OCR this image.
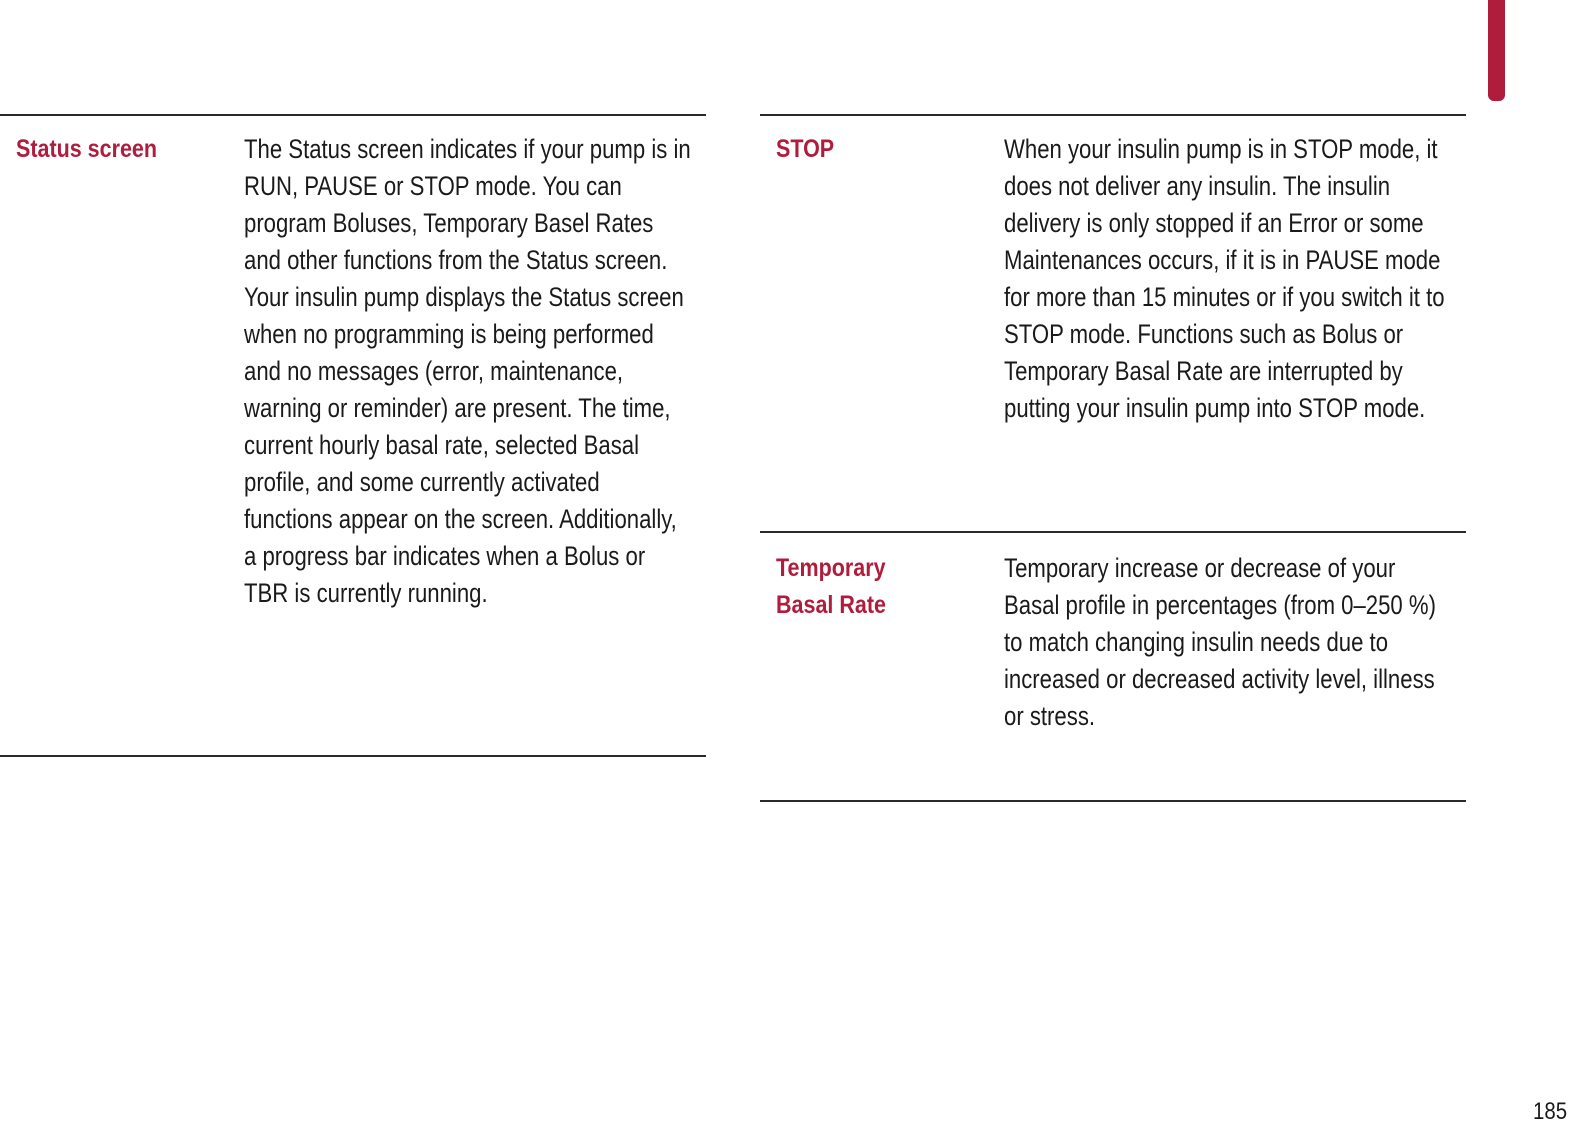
Status screen	The Status screen indicates if your pump is in RUN, PAUSE or STOP mode. You can program Boluses, Temporary Basel Rates and other functions from the Status screen. Your insulin pump displays the Status screen when no programming is being performed and no messages (error, maintenance, warning or reminder) are present. The time, current hourly basal rate, selected Basal profile, and some currently activated functions appear on the screen. Additionally, a progress bar indicates when a Bolus or TBR is currently running.
STOP	When your insulin pump is in STOP mode, it does not deliver any insulin. The insulin delivery is only stopped if an Error or some Maintenances occurs, if it is in PAUSE mode for more than 15 minutes or if you switch it to STOP mode. Functions such as Bolus or Temporary Basal Rate are interrupted by putting your insulin pump into STOP mode.
Temporary
Basal Rate
Temporary increase or decrease of your Basal profile in percentages (from 0–250 %) to match changing insulin needs due to increased or decreased activity level, illness or stress.
185
